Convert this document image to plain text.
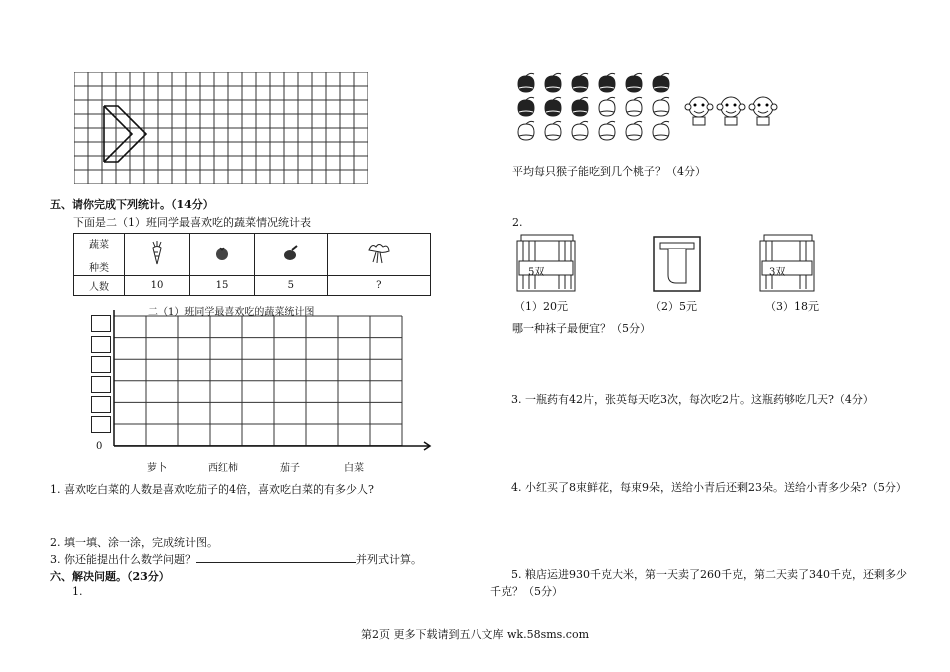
五、请你完成下列统计。（14分）
下面是二（1）班同学最喜欢吃的蔬菜情况统计表
蔬菜
种类

人数	10	15	5	?
二（1）班同学最喜欢吃的蔬菜统计图
0
萝卜	西红柿	茄子	白菜
1. 喜欢吃白菜的人数是喜欢吃茄子的4倍，喜欢吃白菜的有多少人?
2. 填一填、涂一涂，完成统计图。
3. 你还能提出什么数学问题？	并列式计算。
六、解决问题。（23分）
1.
平均每只猴子能吃到几个桃子？（4分）
2.
5双	3双
（1）20元	（2）5元	（3）18元
哪一种袜子最便宜？（5分）
3. 一瓶药有42片，张英每天吃3次，每次吃2片。这瓶药够吃几天?（4分）
4. 小红买了8束鲜花，每束9朵，送给小青后还剩23朵。送给小青多少朵?（5分）
5. 粮店运进930千克大米，第一天卖了260千克，第二天卖了340千克，还剩多少千克？（5分）
第2页 更多下载请到五八文库 wk.58sms.com
